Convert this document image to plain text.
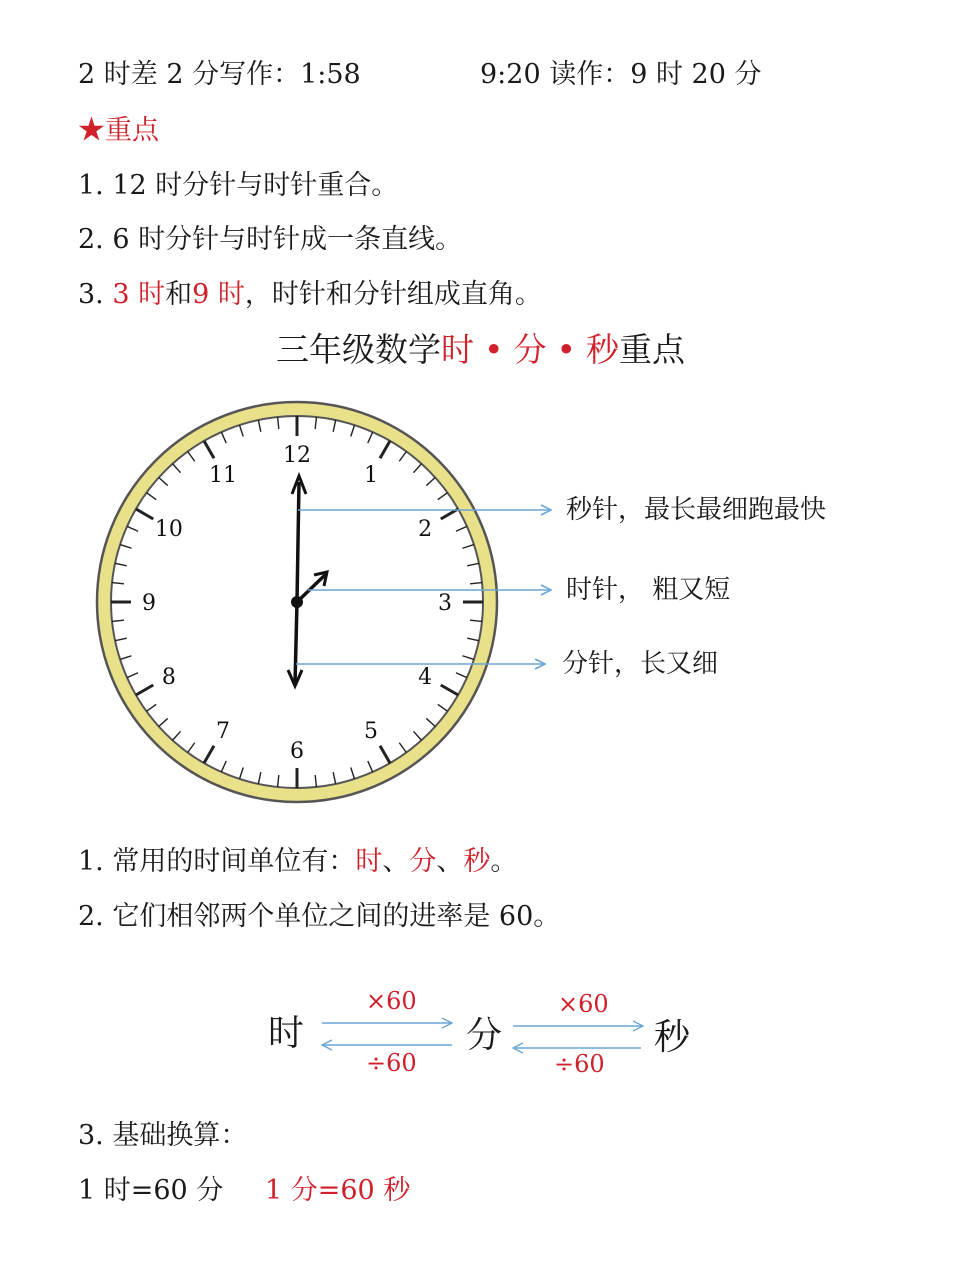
2 时差 2 分写作：1:58	9:20 读作：9 时 20 分
★重点
1. 12 时分针与时针重合。
2. 6 时分针与时针成一条直线。
3. 3 时和9 时，时针和分针组成直角。
三年级数学时 • 分 • 秒重点
12
1
2
3
4
5
6
7
8
9
10
11
秒针，最长最细跑最快
时针， 粗又短
分针，长又细
1. 常用的时间单位有：时、分、秒。
2. 它们相邻两个单位之间的进率是 60。
时	分	秒
×60
÷60
×60
÷60
3. 基础换算：
1 时=60 分 1 分=60 秒
